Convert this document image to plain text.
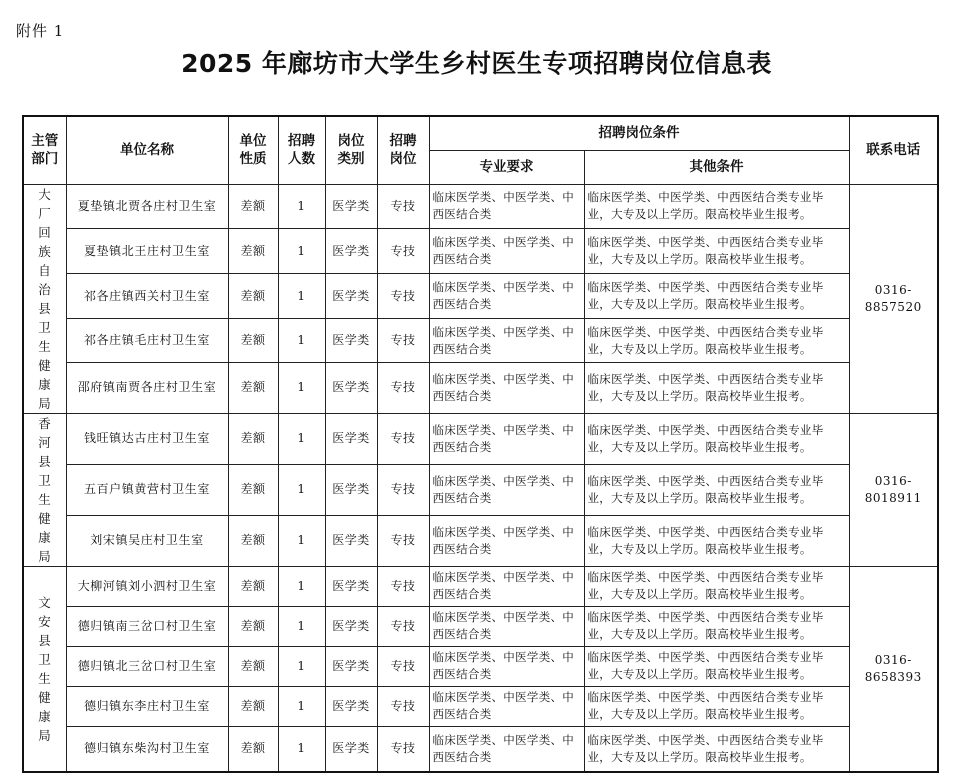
附件 1
2025 年廊坊市大学生乡村医生专项招聘岗位信息表
主管部门	单位名称	单位性质	招聘人数	岗位类别	招聘岗位	招聘岗位条件		联系电话
						专业要求	其他条件	

大厂回族自治县卫生健康局	夏垫镇北贾各庄村卫生室	差额	1	医学类	专技	临床医学类、中医学类、中西医结合类	临床医学类、中医学类、中西医结合类专业毕业，大专及以上学历。限高校毕业生报考。	0316-8857520
	夏垫镇北王庄村卫生室	差额	1	医学类	专技	临床医学类、中医学类、中西医结合类	临床医学类、中医学类、中西医结合类专业毕业，大专及以上学历。限高校毕业生报考。	
	祁各庄镇西关村卫生室	差额	1	医学类	专技	临床医学类、中医学类、中西医结合类	临床医学类、中医学类、中西医结合类专业毕业，大专及以上学历。限高校毕业生报考。	
	祁各庄镇毛庄村卫生室	差额	1	医学类	专技	临床医学类、中医学类、中西医结合类	临床医学类、中医学类、中西医结合类专业毕业，大专及以上学历。限高校毕业生报考。	
	邵府镇南贾各庄村卫生室	差额	1	医学类	专技	临床医学类、中医学类、中西医结合类	临床医学类、中医学类、中西医结合类专业毕业，大专及以上学历。限高校毕业生报考。	

香河县卫生健康局	钱旺镇达古庄村卫生室	差额	1	医学类	专技	临床医学类、中医学类、中西医结合类	临床医学类、中医学类、中西医结合类专业毕业，大专及以上学历。限高校毕业生报考。	0316-8018911
	五百户镇黄营村卫生室	差额	1	医学类	专技	临床医学类、中医学类、中西医结合类	临床医学类、中医学类、中西医结合类专业毕业，大专及以上学历。限高校毕业生报考。	
	刘宋镇吴庄村卫生室	差额	1	医学类	专技	临床医学类、中医学类、中西医结合类	临床医学类、中医学类、中西医结合类专业毕业，大专及以上学历。限高校毕业生报考。	

文安县卫生健康局	大柳河镇刘小泗村卫生室	差额	1	医学类	专技	临床医学类、中医学类、中西医结合类	临床医学类、中医学类、中西医结合类专业毕业，大专及以上学历。限高校毕业生报考。	0316-8658393
	德归镇南三岔口村卫生室	差额	1	医学类	专技	临床医学类、中医学类、中西医结合类	临床医学类、中医学类、中西医结合类专业毕业，大专及以上学历。限高校毕业生报考。	
	德归镇北三岔口村卫生室	差额	1	医学类	专技	临床医学类、中医学类、中西医结合类	临床医学类、中医学类、中西医结合类专业毕业，大专及以上学历。限高校毕业生报考。	
	德归镇东李庄村卫生室	差额	1	医学类	专技	临床医学类、中医学类、中西医结合类	临床医学类、中医学类、中西医结合类专业毕业，大专及以上学历。限高校毕业生报考。	
	德归镇东柴沟村卫生室	差额	1	医学类	专技	临床医学类、中医学类、中西医结合类	临床医学类、中医学类、中西医结合类专业毕业，大专及以上学历。限高校毕业生报考。	
